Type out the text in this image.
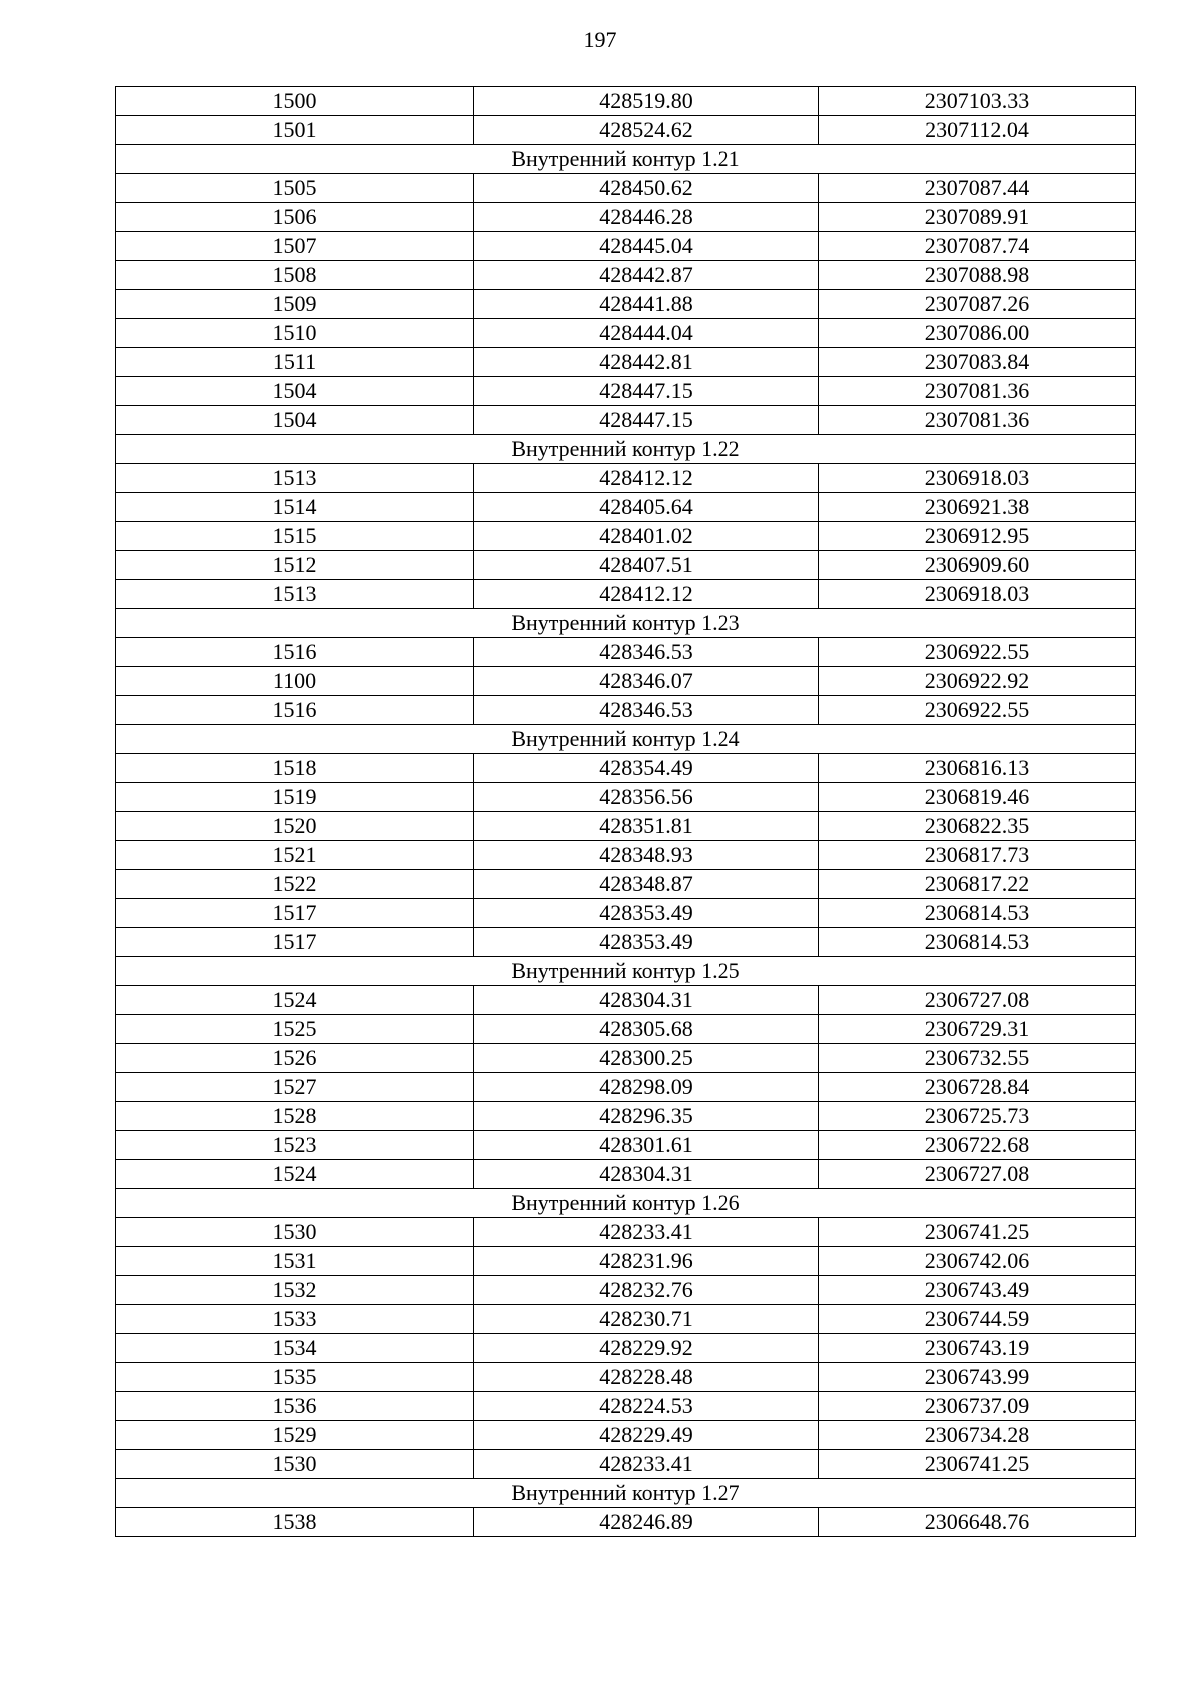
197
1500	428519.80	2307103.33
1501	428524.62	2307112.04
Внутренний контур 1.21		
1505	428450.62	2307087.44
1506	428446.28	2307089.91
1507	428445.04	2307087.74
1508	428442.87	2307088.98
1509	428441.88	2307087.26
1510	428444.04	2307086.00
1511	428442.81	2307083.84
1504	428447.15	2307081.36
1504	428447.15	2307081.36
Внутренний контур 1.22		
1513	428412.12	2306918.03
1514	428405.64	2306921.38
1515	428401.02	2306912.95
1512	428407.51	2306909.60
1513	428412.12	2306918.03
Внутренний контур 1.23		
1516	428346.53	2306922.55
1100	428346.07	2306922.92
1516	428346.53	2306922.55
Внутренний контур 1.24		
1518	428354.49	2306816.13
1519	428356.56	2306819.46
1520	428351.81	2306822.35
1521	428348.93	2306817.73
1522	428348.87	2306817.22
1517	428353.49	2306814.53
1517	428353.49	2306814.53
Внутренний контур 1.25		
1524	428304.31	2306727.08
1525	428305.68	2306729.31
1526	428300.25	2306732.55
1527	428298.09	2306728.84
1528	428296.35	2306725.73
1523	428301.61	2306722.68
1524	428304.31	2306727.08
Внутренний контур 1.26		
1530	428233.41	2306741.25
1531	428231.96	2306742.06
1532	428232.76	2306743.49
1533	428230.71	2306744.59
1534	428229.92	2306743.19
1535	428228.48	2306743.99
1536	428224.53	2306737.09
1529	428229.49	2306734.28
1530	428233.41	2306741.25
Внутренний контур 1.27		
1538	428246.89	2306648.76
